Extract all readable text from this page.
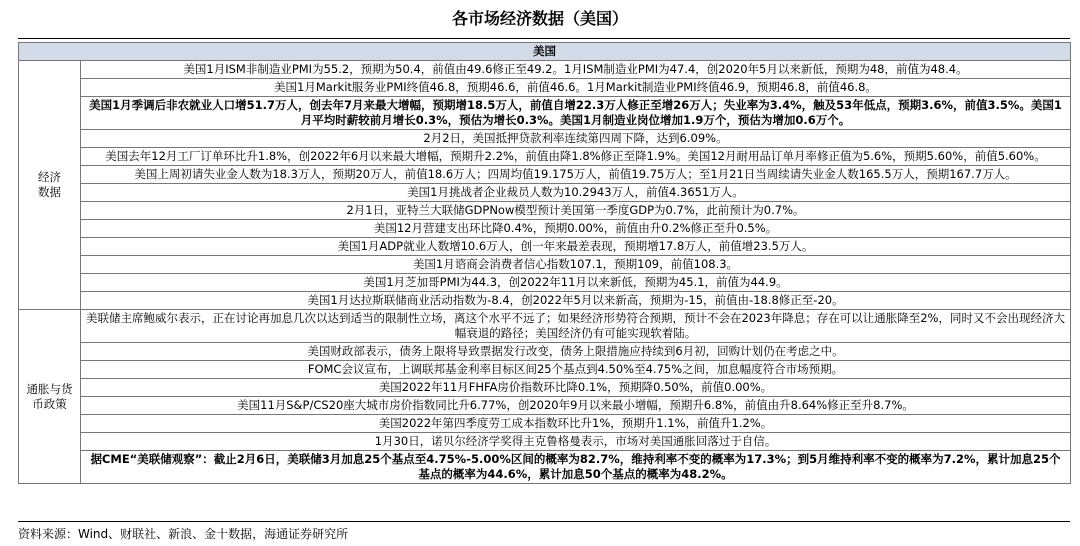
各市场经济数据（美国）
美国	
经济
数据	美国1月ISM非制造业PMI为55.2，预期为50.4，前值由49.6修正至49.2。1月ISM制造业PMI为47.4，创2020年5月以来新低，预期为48，前值为48.4。
	美国1月Markit服务业PMI终值46.8，预期46.6，前值46.6。1月Markit制造业PMI终值46.9，预期46.8，前值46.8。
	美国1月季调后非农就业人口增51.7万人，创去年7月来最大增幅，预期增18.5万人，前值自增22.3万人修正至增26万人；失业率为3.4%，触及53年低点，预期3.6%，前值3.5%。美国1月平均时薪较前月增长0.3%，预估为增长0.3%。美国1月制造业岗位增加1.9万个，预估为增加0.6万个。
	2月2日，美国抵押贷款利率连续第四周下降，达到6.09%。
	美国去年12月工厂订单环比升1.8%，创2022年6月以来最大增幅，预期升2.2%，前值由降1.8%修正至降1.9%。美国12月耐用品订单月率修正值为5.6%，预期5.60%，前值5.60%。
	美国上周初请失业金人数为18.3万人，预期20万人，前值18.6万人；四周均值19.175万人，前值19.75万人；至1月21日当周续请失业金人数165.5万人，预期167.7万人。
	美国1月挑战者企业裁员人数为10.2943万人，前值4.3651万人。
	2月1日，亚特兰大联储GDPNow模型预计美国第一季度GDP为0.7%，此前预计为0.7%。
	美国12月营建支出环比降0.4%，预期0.00%，前值由升0.2%修正至升0.5%。
	美国1月ADP就业人数增10.6万人，创一年来最差表现，预期增17.8万人，前值增23.5万人。
	美国1月谘商会消费者信心指数107.1，预期109，前值108.3。
	美国1月芝加哥PMI为44.3，创2022年11月以来新低，预期为45.1，前值为44.9。
	美国1月达拉斯联储商业活动指数为-8.4，创2022年5月以来新高，预期为-15，前值由-18.8修正至-20。
通胀与货
币政策	美联储主席鲍威尔表示，正在讨论再加息几次以达到适当的限制性立场，离这个水平不远了；如果经济形势符合预期，预计不会在2023年降息；存在可以让通胀降至2%，同时又不会出现经济大幅衰退的路径；美国经济仍有可能实现软着陆。
	美国财政部表示，债务上限将导致票据发行改变，债务上限措施应持续到6月初，回购计划仍在考虑之中。
	FOMC会议宣布，上调联邦基金利率目标区间25个基点到4.50%至4.75%之间，加息幅度符合市场预期。
	美国2022年11月FHFA房价指数环比降0.1%，预期降0.50%，前值0.00%。
	美国11月S&P/CS20座大城市房价指数同比升6.77%，创2020年9月以来最小增幅，预期升6.8%，前值由升8.64%修正至升8.7%。
	美国2022年第四季度劳工成本指数环比升1%，预期升1.1%，前值升1.2%。
	1月30日，诺贝尔经济学奖得主克鲁格曼表示，市场对美国通胀回落过于自信。
	据CME“美联储观察”：截止2月6日，美联储3月加息25个基点至4.75%-5.00%区间的概率为82.7%，维持利率不变的概率为17.3%；到5月维持利率不变的概率为7.2%，累计加息25个基点的概率为44.6%，累计加息50个基点的概率为48.2%。
资料来源：Wind、财联社、新浪、金十数据，海通证券研究所
